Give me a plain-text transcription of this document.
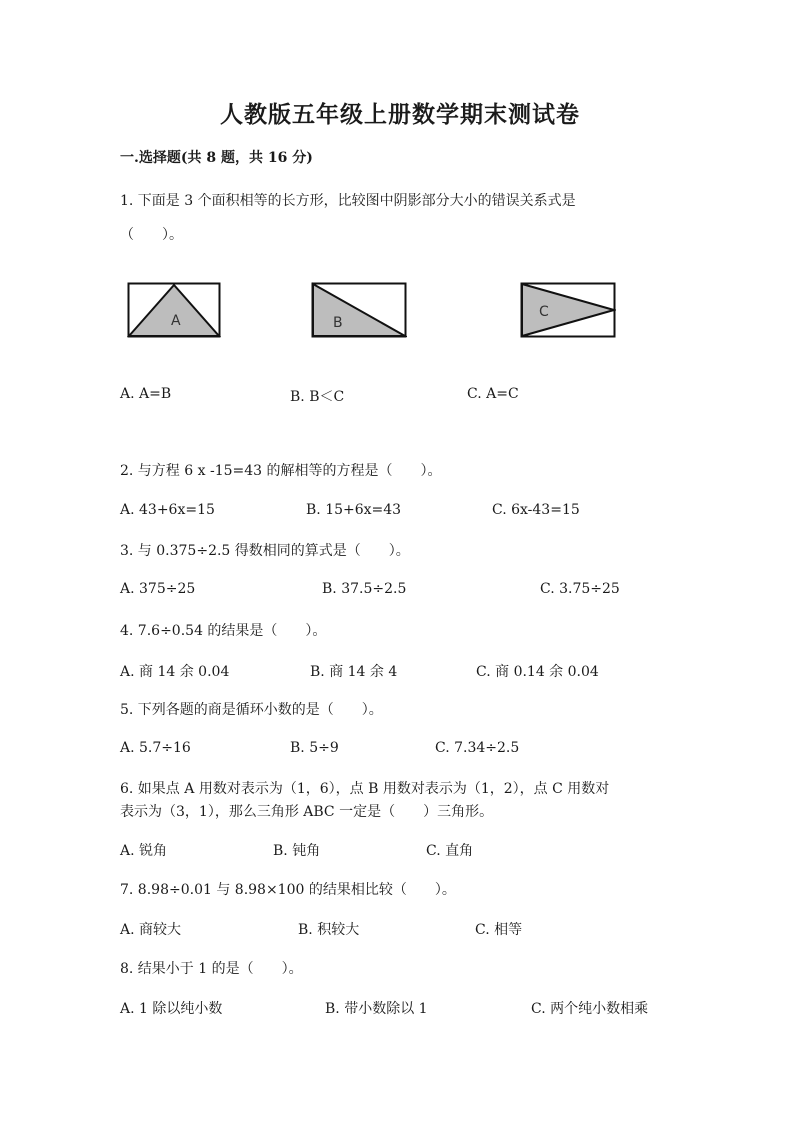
人教版五年级上册数学期末测试卷
一.选择题(共 8 题，共 16 分)
1. 下面是 3 个面积相等的长方形，比较图中阴影部分大小的错误关系式是
（　　）。
A	B
C
A. A=B	B. B＜C	C. A=C
2. 与方程 6 x -15=43 的解相等的方程是（　　）。
A. 43+6x=15	B. 15+6x=43	C. 6x-43=15
3. 与 0.375÷2.5 得数相同的算式是（　　）。
A. 375÷25	B. 37.5÷2.5	C. 3.75÷25
4. 7.6÷0.54 的结果是（　　）。
A. 商 14 余 0.04	B. 商 14 余 4	C. 商 0.14 余 0.04
5. 下列各题的商是循环小数的是（　　）。
A. 5.7÷16	B. 5÷9	C. 7.34÷2.5
6. 如果点 A 用数对表示为（1，6），点 B 用数对表示为（1，2），点 C 用数对
表示为（3，1），那么三角形 ABC 一定是（　　）三角形。
A. 锐角	B. 钝角	C. 直角
7. 8.98÷0.01 与 8.98×100 的结果相比较（　　）。
A. 商较大	B. 积较大	C. 相等
8. 结果小于 1 的是（　　）。
A. 1 除以纯小数	B. 带小数除以 1	C. 两个纯小数相乘
